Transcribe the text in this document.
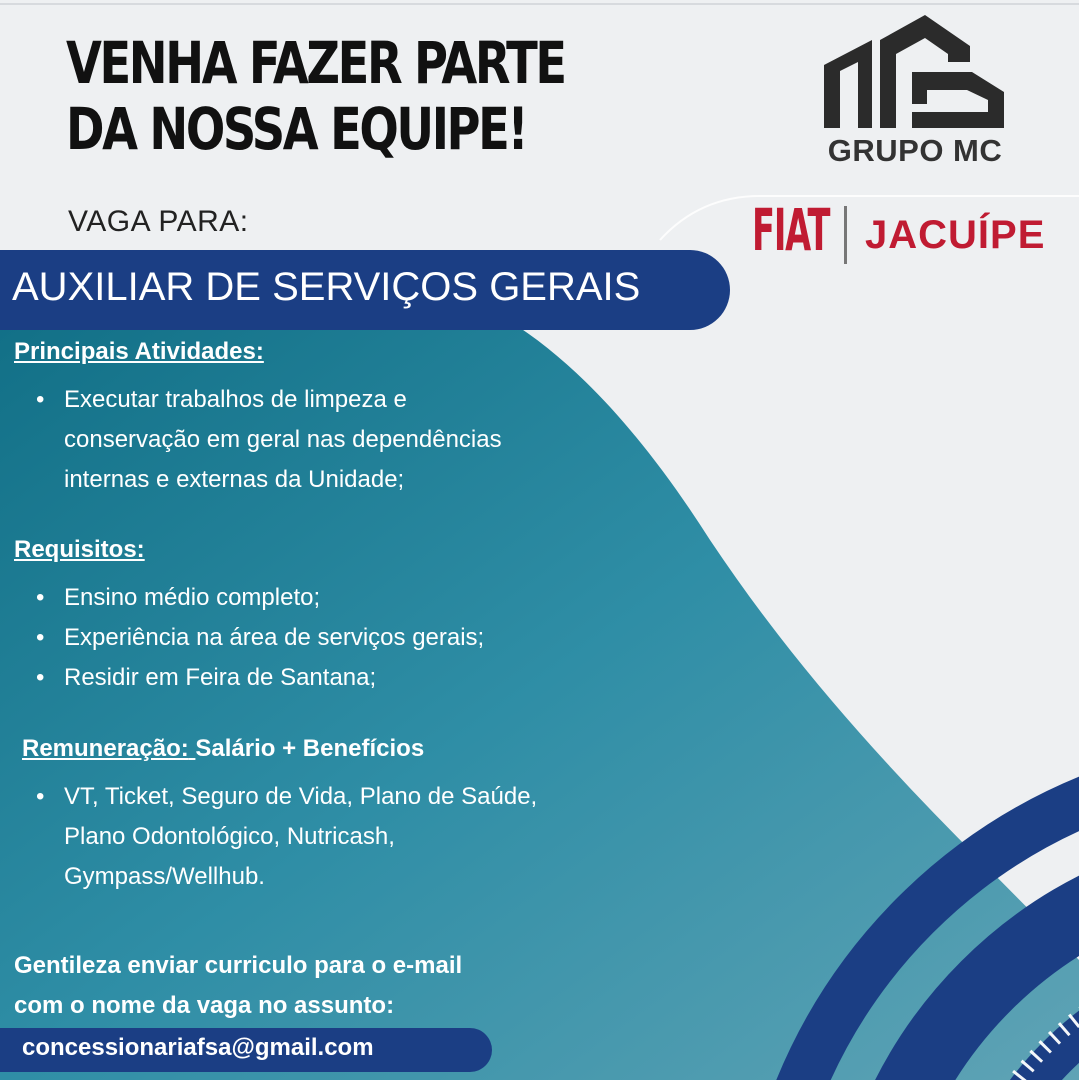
VENHA FAZER PARTE
DA NOSSA EQUIPE!
VAGA PARA:
AUXILIAR DE SERVIÇOS GERAIS
GRUPO MC
FIAT JACUÍPE

Principais Atividades:

• Executar trabalhos de limpeza e
conservação em geral nas dependências
internas e externas da Unidade;

Requisitos:

• Ensino médio completo;
• Experiência na área de serviços gerais;
• Residir em Feira de Santana;

Remuneração: Salário + Benefícios

• VT, Ticket, Seguro de Vida, Plano de Saúde,
Plano Odontológico, Nutricash,
Gympass/Wellhub.
Gentileza enviar curriculo para o e-mail
com o nome da vaga no assunto:
concessionariafsa@gmail.com
